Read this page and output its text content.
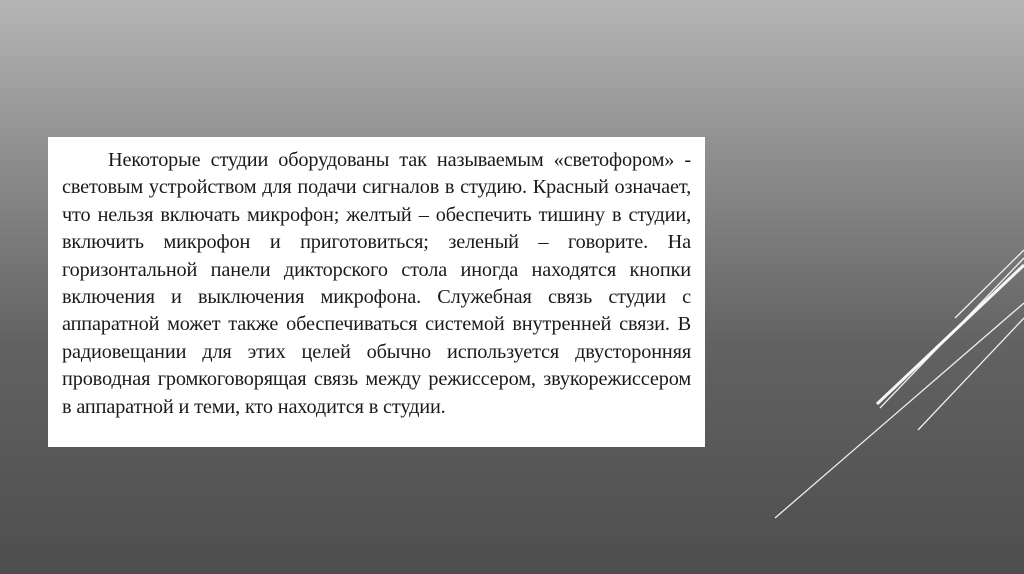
Некоторые студии оборудованы так называемым «светофором» - световым устройством для подачи сигналов в студию. Красный означает, что нельзя включать микрофон; желтый – обеспечить тишину в студии, включить микрофон и приготовиться; зеленый – говорите. На горизонтальной панели дикторского стола иногда находятся кнопки включения и выключения микрофона. Служебная связь студии с аппаратной может также обеспечиваться системой внутренней связи. В радиовещании для этих целей обычно используется двусторонняя проводная громкоговорящая связь между режиссером, звукорежиссером в аппаратной и теми, кто находится в студии.
